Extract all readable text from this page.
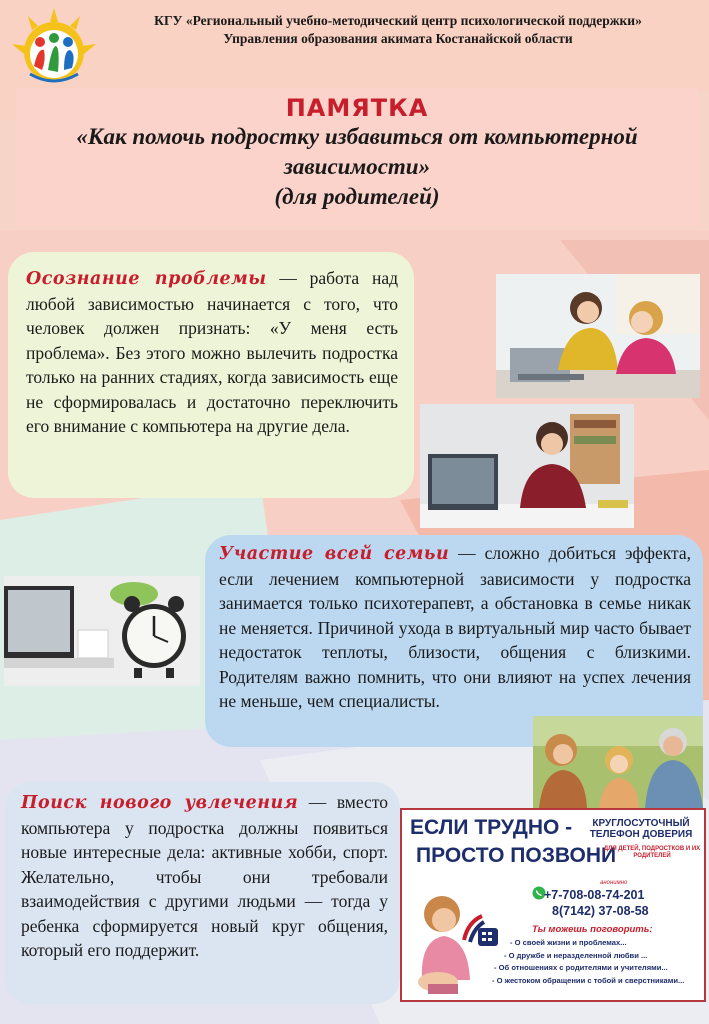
КГУ «Региональный учебно-методический центр психологической поддержки»
Управления образования акимата Костанайской области
ПАМЯТКА
«Как помочь подростку избавиться от компьютерной
зависимости»
(для родителей)
Осознание проблемы — работа над любой зависимостью начинается с того, что человек должен признать: «У меня есть проблема». Без этого можно вылечить подростка только на ранних стадиях, когда зависимость еще не сформировалась и достаточно переключить его внимание с компьютера на другие дела.
Участие всей семьи — сложно добиться эффекта, если лечением компьютерной зависимости у подростка занимается только психотерапевт, а обстановка в семье никак не меняется. Причиной ухода в виртуальный мир часто бывает недостаток теплоты, близости, общения с близкими. Родителям важно помнить, что они влияют на успех лечения не меньше, чем специалисты.
Поиск нового увлечения — вместо компьютера у подростка должны появиться новые интересные дела: активные хобби, спорт. Желательно, чтобы они требовали взаимодействия с другими людьми — тогда у ребенка сформируется новый круг общения, который его поддержит.
ЕСЛИ ТРУДНО -
ПРОСТО ПОЗВОНИ
КРУГЛОСУТОЧНЫЙ
ТЕЛЕФОН ДОВЕРИЯ
ДЛЯ ДЕТЕЙ, ПОДРОСТКОВ И ИХ РОДИТЕЛЕЙ
анонимно
+7-708-08-74-201
8(7142) 37-08-58
Ты можешь поговорить:
- О своей жизни и проблемах...
- О дружбе и неразделенной любви ...
- Об отношениях с родителями и учителями...
- О жестоком обращении с тобой и сверстниками...
